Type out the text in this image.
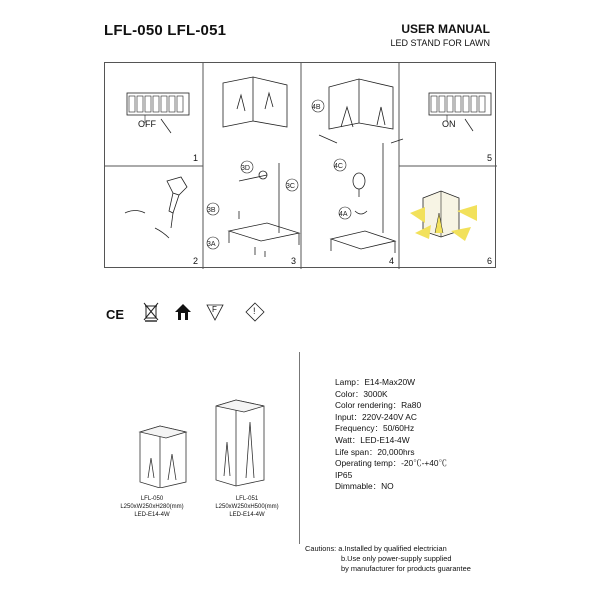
LFL-050 LFL-051	USER MANUAL
LED STAND FOR LAWN
3D
3C
3B
3A
4B
4C
4A
OFF	ON
1
2	3	4
5
6
CE	F	!
LFL-050
L250xW250xH280(mm)
LED-E14-4W
LFL-051
L250xW250xH500(mm)
LED-E14-4W
Lamp：E14-Max20W
Color：3000K
Color rendering：Ra80
Input：220V-240V AC
Frequency：50/60Hz
Watt：LED-E14-4W
Life span：20,000hrs
Operating temp：-20℃-+40℃
IP65
Dimmable：NO
Cautions: a.Installed by qualified electrician
b.Use only power-supply supplied
by manufacturer for products guarantee
